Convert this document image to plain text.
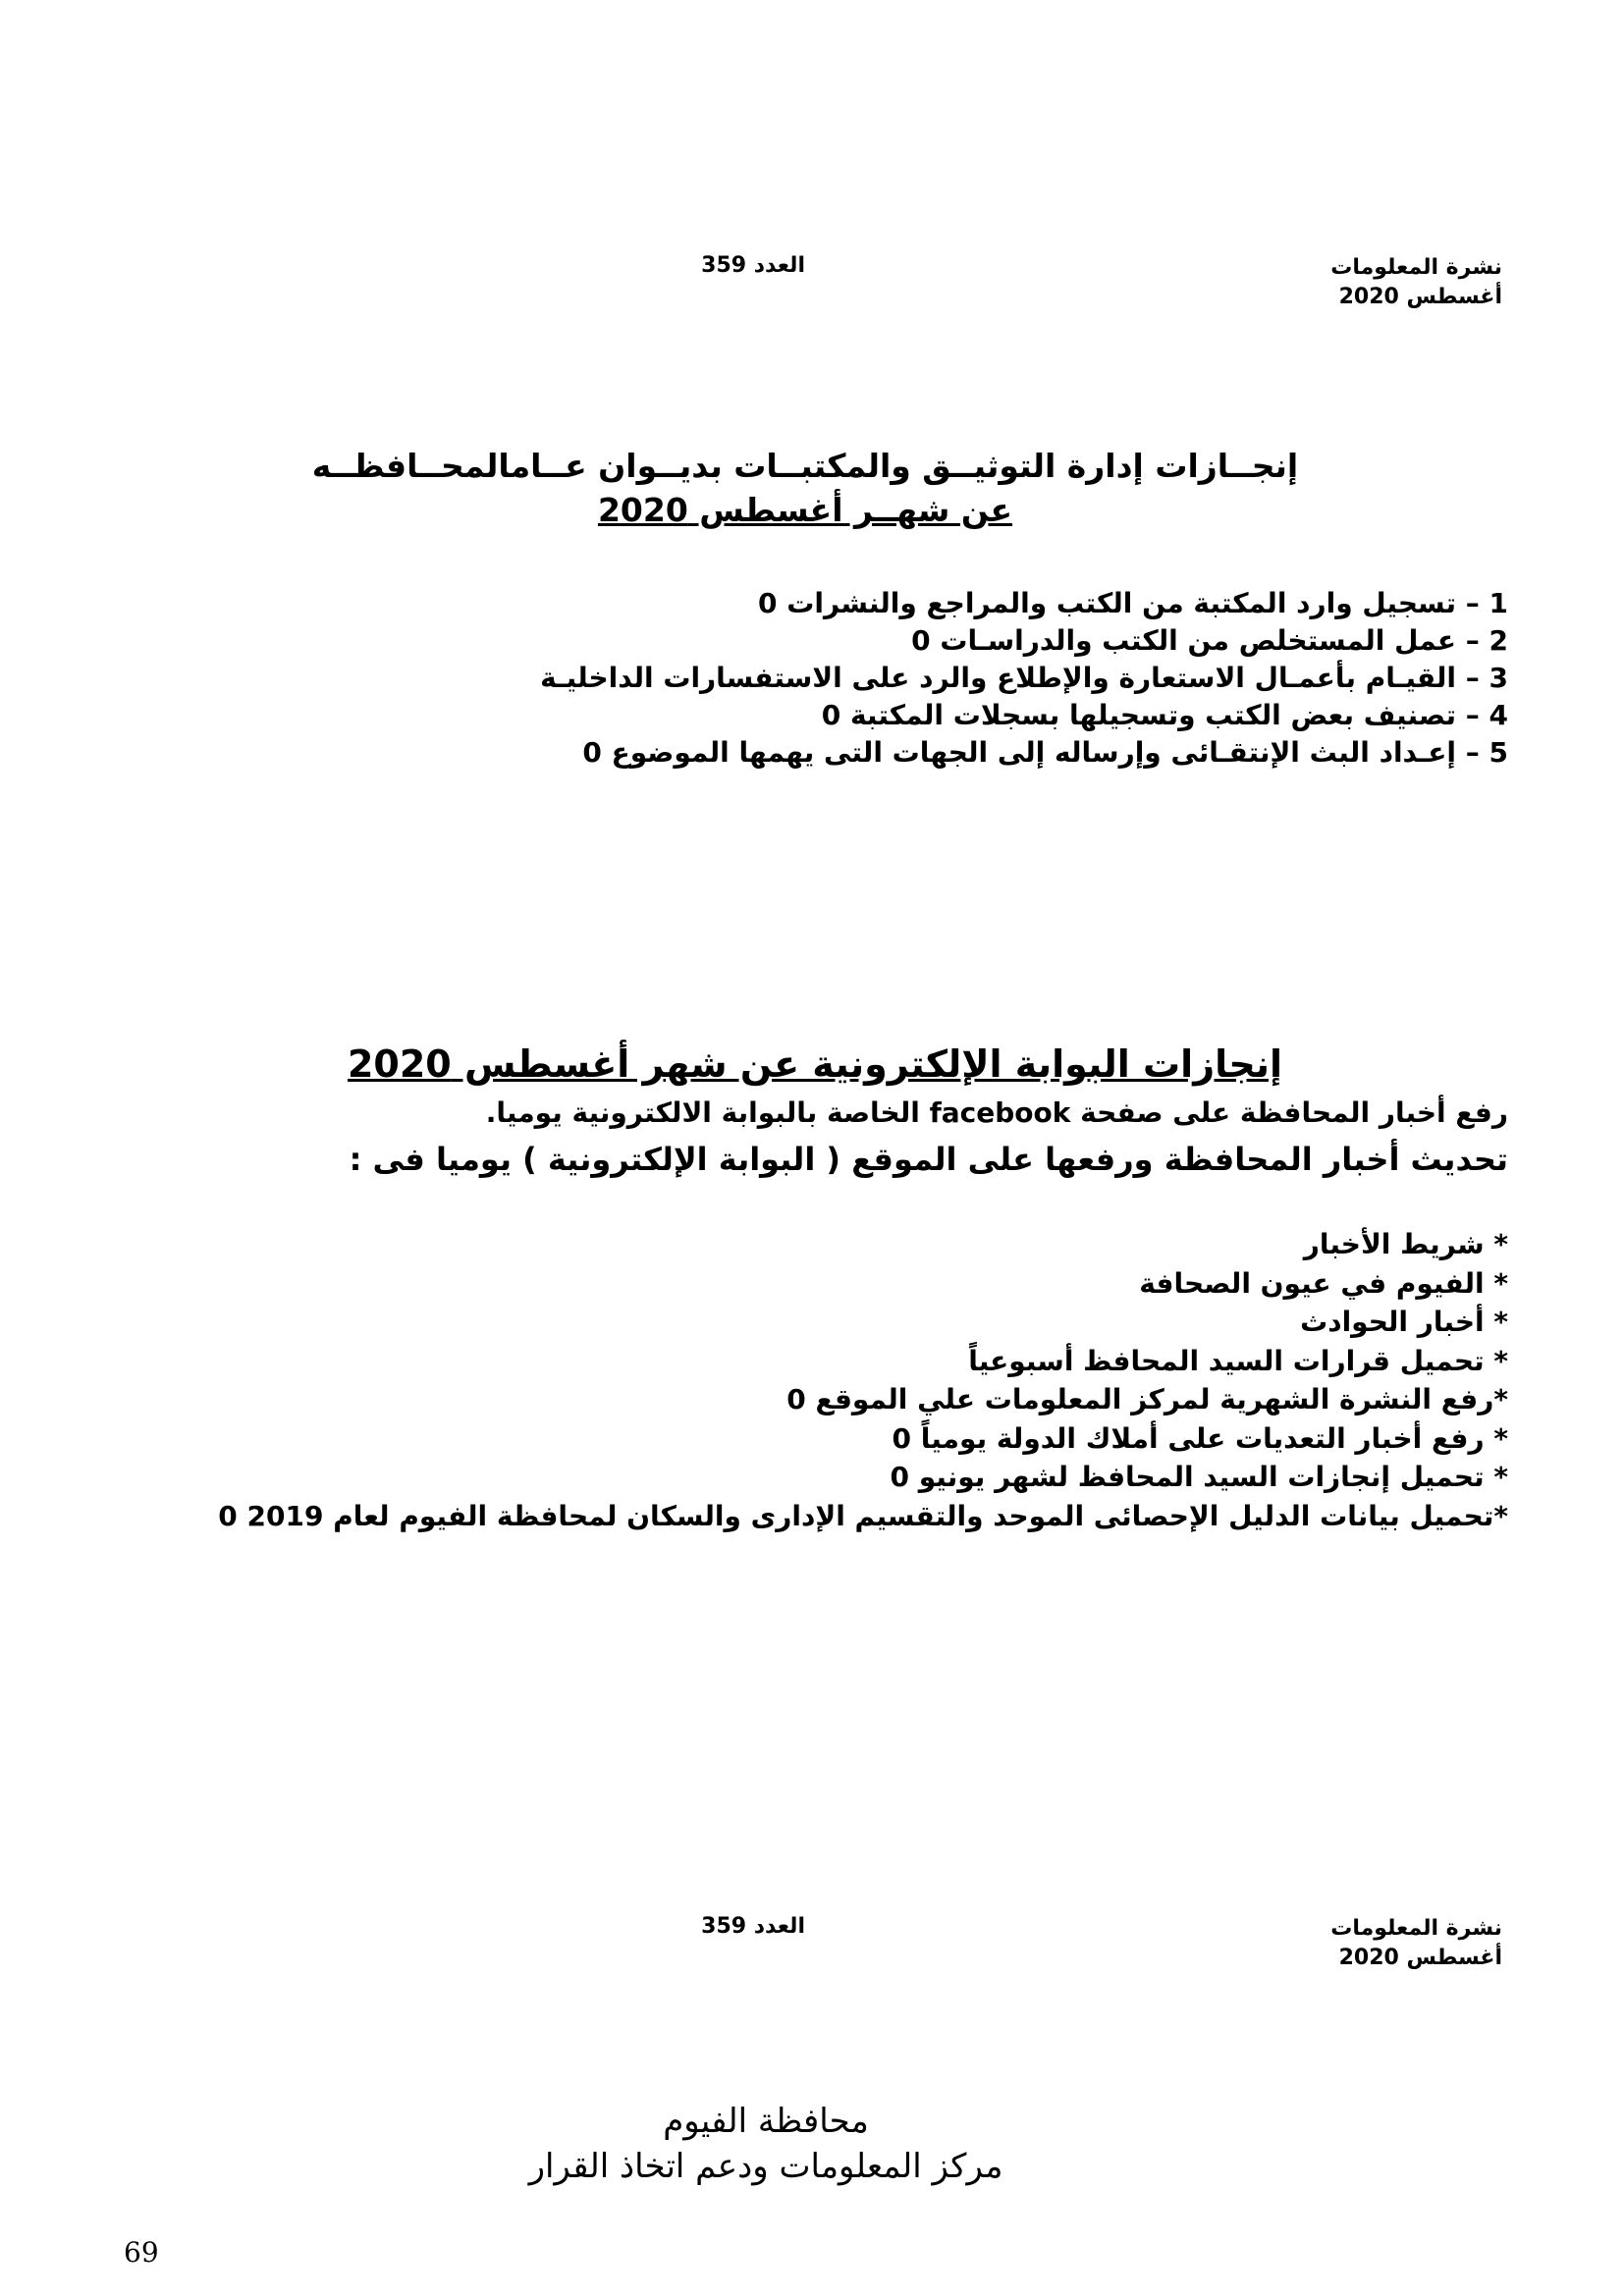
العدد 359	نشرة المعلومات
أغسطس 2020
إنجــازات إدارة التوثيــق والمكتبــات بديــوان عــامالمحــافظــه
عن شهــر أغسطس 2020
1 – تسجيل وارد المكتبة من الكتب والمراجع والنشرات 0
2 – عمل المستخلص من الكتب والدراسـات 0
3 – القيـام بأعمـال الاستعارة والإطلاع والرد على الاستفسارات الداخليـة
4 – تصنيف بعض الكتب وتسجيلها بسجلات المكتبة 0
5 – إعـداد البث الإنتقـائى وإرساله إلى الجهات التى يهمها الموضوع 0
إنجازات البوابة الإلكترونية عن شهر أغسطس 2020
رفع أخبار المحافظة على صفحة facebook الخاصة بالبوابة الالكترونية يوميا.
تحديث أخبار المحافظة ورفعها على الموقع ( البوابة الإلكترونية ) يوميا فى :
* شريط الأخبار
* الفيوم في عيون الصحافة
* أخبار الحوادث
* تحميل قرارات السيد المحافظ أسبوعياً
*رفع النشرة الشهرية لمركز المعلومات علي الموقع 0
* رفع أخبار التعديات على أملاك الدولة يومياً 0
* تحميل إنجازات السيد المحافظ لشهر يونيو 0
*تحميل بيانات الدليل الإحصائى الموحد والتقسيم الإدارى والسكان لمحافظة الفيوم لعام 2019 0
العدد 359	نشرة المعلومات
أغسطس 2020
محافظة الفيوم
مركز المعلومات ودعم اتخاذ القرار
69
